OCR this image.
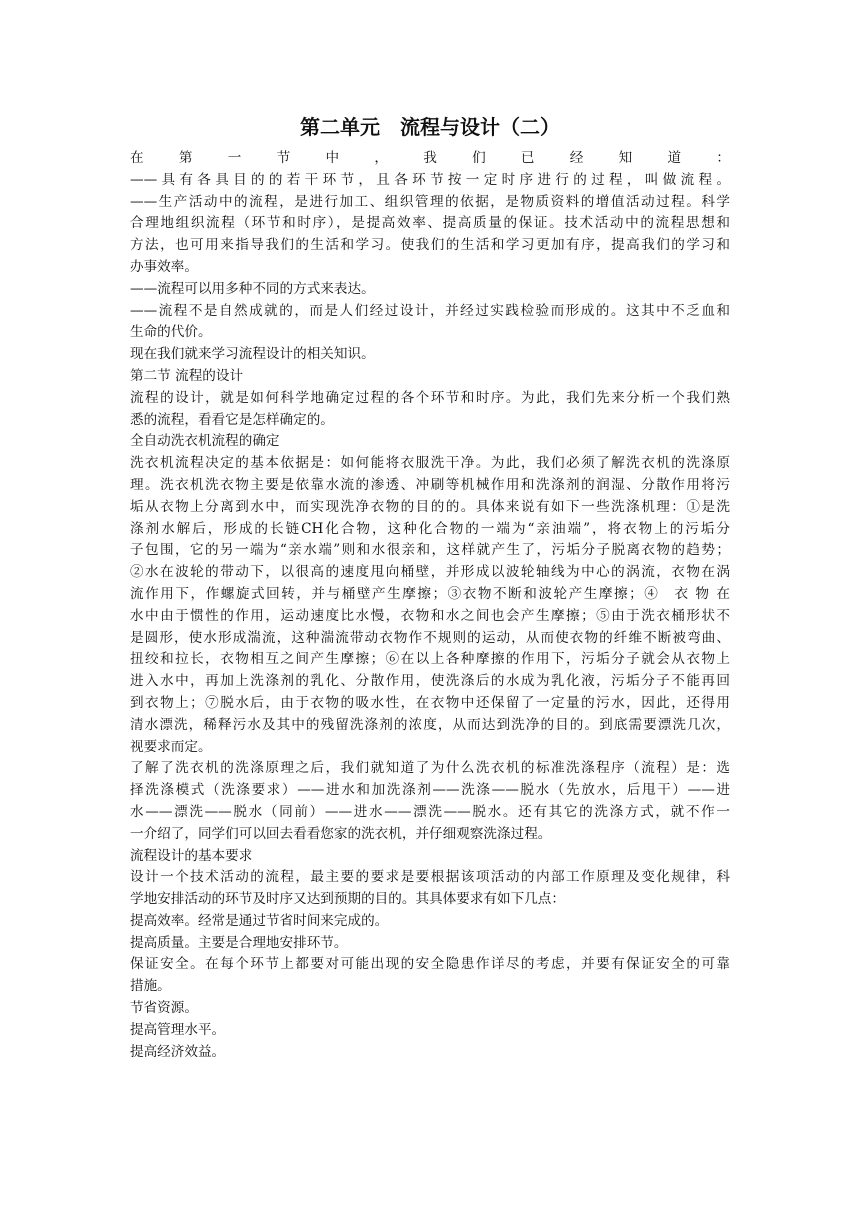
第二单元　流程与设计（二）
在第一节中，我们已经知道：
——具有各具目的的若干环节，且各环节按一定时序进行的过程，叫做流程。
——生产活动中的流程，是进行加工、组织管理的依据，是物质资料的增值活动过程。科学
合理地组织流程（环节和时序），是提高效率、提高质量的保证。技术活动中的流程思想和
方法，也可用来指导我们的生活和学习。使我们的生活和学习更加有序，提高我们的学习和
办事效率。
——流程可以用多种不同的方式来表达。
——流程不是自然成就的，而是人们经过设计，并经过实践检验而形成的。这其中不乏血和
生命的代价。
现在我们就来学习流程设计的相关知识。
第二节 流程的设计
流程的设计，就是如何科学地确定过程的各个环节和时序。为此，我们先来分析一个我们熟
悉的流程，看看它是怎样确定的。
全自动洗衣机流程的确定
洗衣机流程决定的基本依据是：如何能将衣服洗干净。为此，我们必须了解洗衣机的洗涤原
理。洗衣机洗衣物主要是依靠水流的渗透、冲刷等机械作用和洗涤剂的润湿、分散作用将污
垢从衣物上分离到水中，而实现洗净衣物的目的的。具体来说有如下一些洗涤机理：①是洗
涤剂水解后，形成的长链CH化合物，这种化合物的一端为“亲油端”，将衣物上的污垢分
子包围，它的另一端为“亲水端”则和水很亲和，这样就产生了，污垢分子脱离衣物的趋势；
②水在波轮的带动下，以很高的速度甩向桶壁，并形成以波轮轴线为中心的涡流，衣物在涡
流作用下，作螺旋式回转，并与桶壁产生摩擦；③衣物不断和波轮产生摩擦；④　衣 物 在
水中由于惯性的作用，运动速度比水慢，衣物和水之间也会产生摩擦；⑤由于洗衣桶形状不
是圆形，使水形成湍流，这种湍流带动衣物作不规则的运动，从而使衣物的纤维不断被弯曲、
扭绞和拉长，衣物相互之间产生摩擦；⑥在以上各种摩擦的作用下，污垢分子就会从衣物上
进入水中，再加上洗涤剂的乳化、分散作用，使洗涤后的水成为乳化液，污垢分子不能再回
到衣物上；⑦脱水后，由于衣物的吸水性，在衣物中还保留了一定量的污水，因此，还得用
清水漂洗，稀释污水及其中的残留洗涤剂的浓度，从而达到洗净的目的。到底需要漂洗几次，
视要求而定。
了解了洗衣机的洗涤原理之后，我们就知道了为什么洗衣机的标准洗涤程序（流程）是：选
择洗涤模式（洗涤要求）——进水和加洗涤剂——洗涤——脱水（先放水，后甩干）——进
水——漂洗——脱水（同前）——进水——漂洗——脱水。还有其它的洗涤方式，就不作一
一介绍了，同学们可以回去看看您家的洗衣机，并仔细观察洗涤过程。
流程设计的基本要求
设计一个技术活动的流程，最主要的要求是要根据该项活动的内部工作原理及变化规律，科
学地安排活动的环节及时序又达到预期的目的。其具体要求有如下几点：
提高效率。经常是通过节省时间来完成的。
提高质量。主要是合理地安排环节。
保证安全。在每个环节上都要对可能出现的安全隐患作详尽的考虑，并要有保证安全的可靠
措施。
节省资源。
提高管理水平。
提高经济效益。
